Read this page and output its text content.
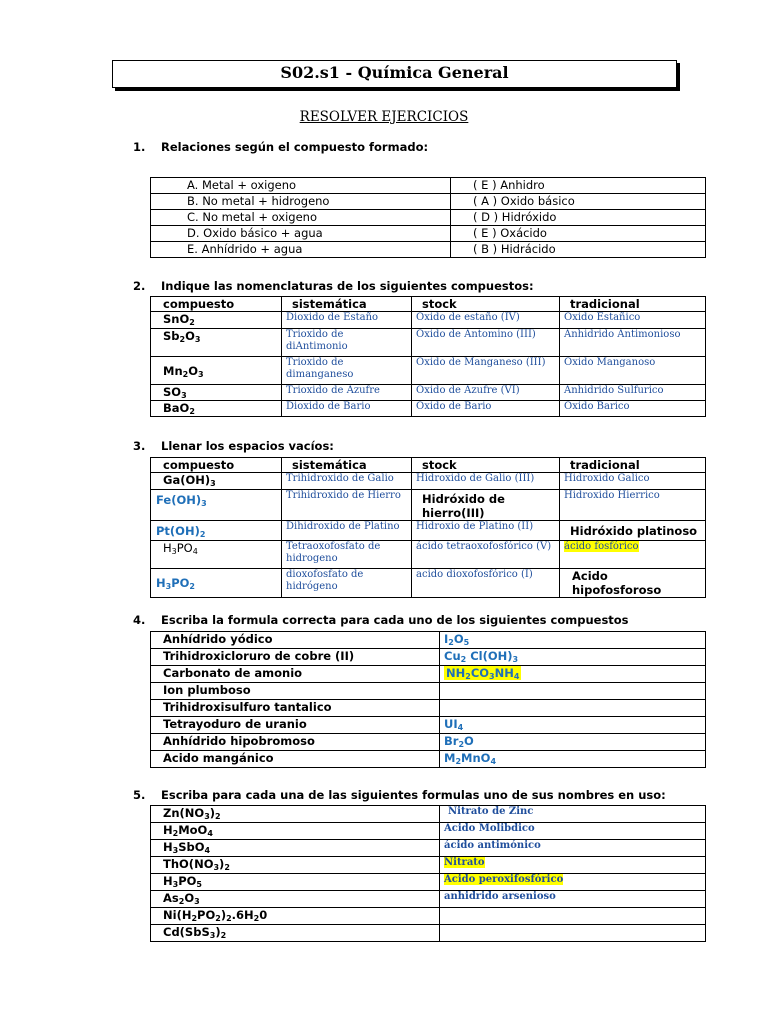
S02.s1 - Química General
RESOLVER EJERCICIOS
1. Relaciones según el compuesto formado:
A. Metal + oxigeno	( E ) Anhidro
B. No metal + hidrogeno	( A ) Oxido básico
C. No metal + oxigeno	( D ) Hidróxido
D. Oxido básico + agua	( E ) Oxácido
E. Anhídrido + agua	( B ) Hidrácido
2. Indique las nomenclaturas de los siguientes compuestos:
compuesto	sistemática	stock	tradicional
SnO$_2$	Dioxido de Estaño	Oxido de estaño (IV)	Oxido Estañico
$Sb_2O_3$	Trioxido de diAntimonio	Oxido de Antomino (III)	Anhidrido Antimonioso
$Mn_2O_3$	Trioxido de dimanganeso	Oxido de Manganeso (III)	Oxido Manganoso
$SO_3$	Trioxido de Azufre	Oxido de Azufre (VI)	Anhidrido Sulfurico
BaO$_2$	Dioxido de Bario	Oxido de Bario	Oxido Barico
3. Llenar los espacios vacíos:
compuesto	sistemática	stock	tradicional
$Ga(OH)_3$	Trihidroxido de Galio	Hidroxido de Galio (III)	Hidroxido Galico
$Fe(OH)_3$	Trihidroxido de Hierro	Hidróxido de hierro(III)	Hidroxido Hierrico
$Pt(OH)_2$	Dihidroxido de Platino	Hidroxio de Platino (II)	Hidróxido platinoso
$H_3PO_4$	Tetraoxofosfato de hidrogeno	ácido tetraoxofosfórico (V)	ácido fosfórico
$H_3PO_2$	dioxofosfato de hidrógeno	acido dioxofosfórico (I)	Acido hipofosforoso
4. Escriba la formula correcta para cada uno de los siguientes compuestos
Anhídrido yódico	$I_2O_5$
Trihidroxicloruro de cobre (II)	$Cu_2$ $Cl(OH)_3$
Carbonato de amonio	$NH_2CO_3NH_4$
Ion plumboso	
Trihidroxisulfuro tantalico	
Tetrayoduro de uranio	$UI_4$
Anhídrido hipobromoso	$Br_2O$
Acido mangánico	$M_2MnO_4$
5. Escriba para cada una de las siguientes formulas uno de sus nombres en uso:
$Zn(NO_3)_2$	Nitrato de Zinc
$H_2MoO_4$	Acido Molibdico
$H_3SbO_4$	ácido antimónico
$ThO(NO_3)_2$	Nitrato
$H_3PO_5$	Acido peroxifosfórico
$As_2O_3$	anhidrido arsenioso
$Ni(H_2PO_2)_2.6H_20$	
$Cd(SbS_3)_2$	
